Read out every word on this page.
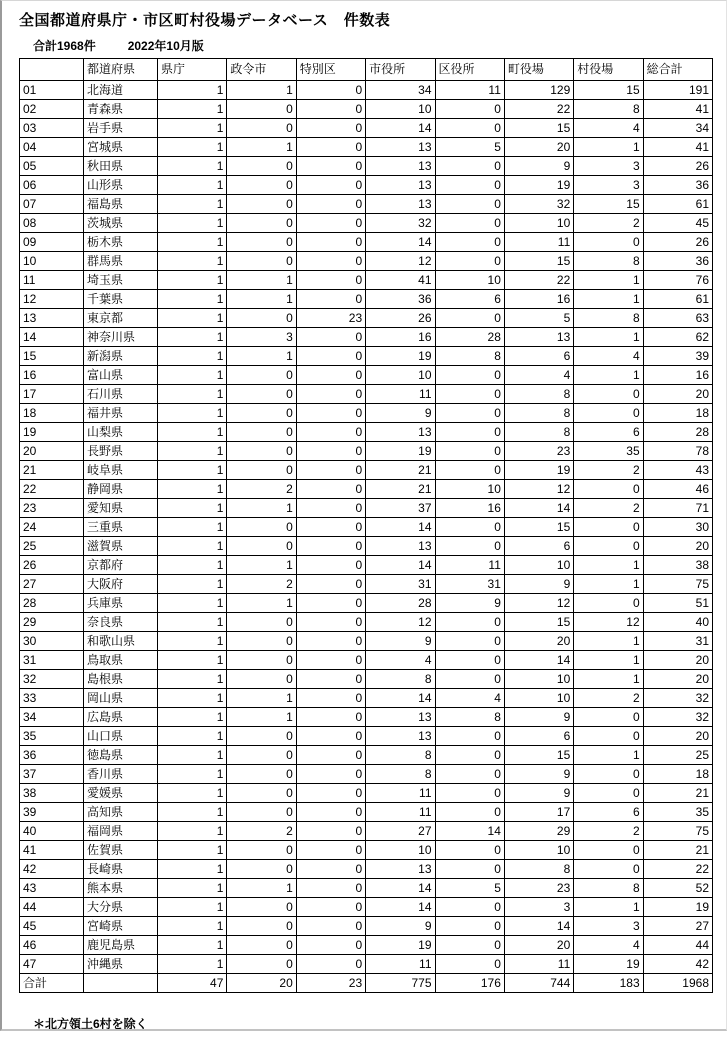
全国都道府県庁・市区町村役場データベース　件数表
合計1968件	2022年10月版
	都道府県	県庁	政令市	特別区	市役所	区役所	町役場	村役場	総合計
01	北海道	1	1	0	34	11	129	15	191
02	青森県	1	0	0	10	0	22	8	41
03	岩手県	1	0	0	14	0	15	4	34
04	宮城県	1	1	0	13	5	20	1	41
05	秋田県	1	0	0	13	0	9	3	26
06	山形県	1	0	0	13	0	19	3	36
07	福島県	1	0	0	13	0	32	15	61
08	茨城県	1	0	0	32	0	10	2	45
09	栃木県	1	0	0	14	0	11	0	26
10	群馬県	1	0	0	12	0	15	8	36
11	埼玉県	1	1	0	41	10	22	1	76
12	千葉県	1	1	0	36	6	16	1	61
13	東京都	1	0	23	26	0	5	8	63
14	神奈川県	1	3	0	16	28	13	1	62
15	新潟県	1	1	0	19	8	6	4	39
16	富山県	1	0	0	10	0	4	1	16
17	石川県	1	0	0	11	0	8	0	20
18	福井県	1	0	0	9	0	8	0	18
19	山梨県	1	0	0	13	0	8	6	28
20	長野県	1	0	0	19	0	23	35	78
21	岐阜県	1	0	0	21	0	19	2	43
22	静岡県	1	2	0	21	10	12	0	46
23	愛知県	1	1	0	37	16	14	2	71
24	三重県	1	0	0	14	0	15	0	30
25	滋賀県	1	0	0	13	0	6	0	20
26	京都府	1	1	0	14	11	10	1	38
27	大阪府	1	2	0	31	31	9	1	75
28	兵庫県	1	1	0	28	9	12	0	51
29	奈良県	1	0	0	12	0	15	12	40
30	和歌山県	1	0	0	9	0	20	1	31
31	鳥取県	1	0	0	4	0	14	1	20
32	島根県	1	0	0	8	0	10	1	20
33	岡山県	1	1	0	14	4	10	2	32
34	広島県	1	1	0	13	8	9	0	32
35	山口県	1	0	0	13	0	6	0	20
36	徳島県	1	0	0	8	0	15	1	25
37	香川県	1	0	0	8	0	9	0	18
38	愛媛県	1	0	0	11	0	9	0	21
39	高知県	1	0	0	11	0	17	6	35
40	福岡県	1	2	0	27	14	29	2	75
41	佐賀県	1	0	0	10	0	10	0	21
42	長崎県	1	0	0	13	0	8	0	22
43	熊本県	1	1	0	14	5	23	8	52
44	大分県	1	0	0	14	0	3	1	19
45	宮崎県	1	0	0	9	0	14	3	27
46	鹿児島県	1	0	0	19	0	20	4	44
47	沖縄県	1	0	0	11	0	11	19	42
合計		47	20	23	775	176	744	183	1968
＊北方領土6村を除く
